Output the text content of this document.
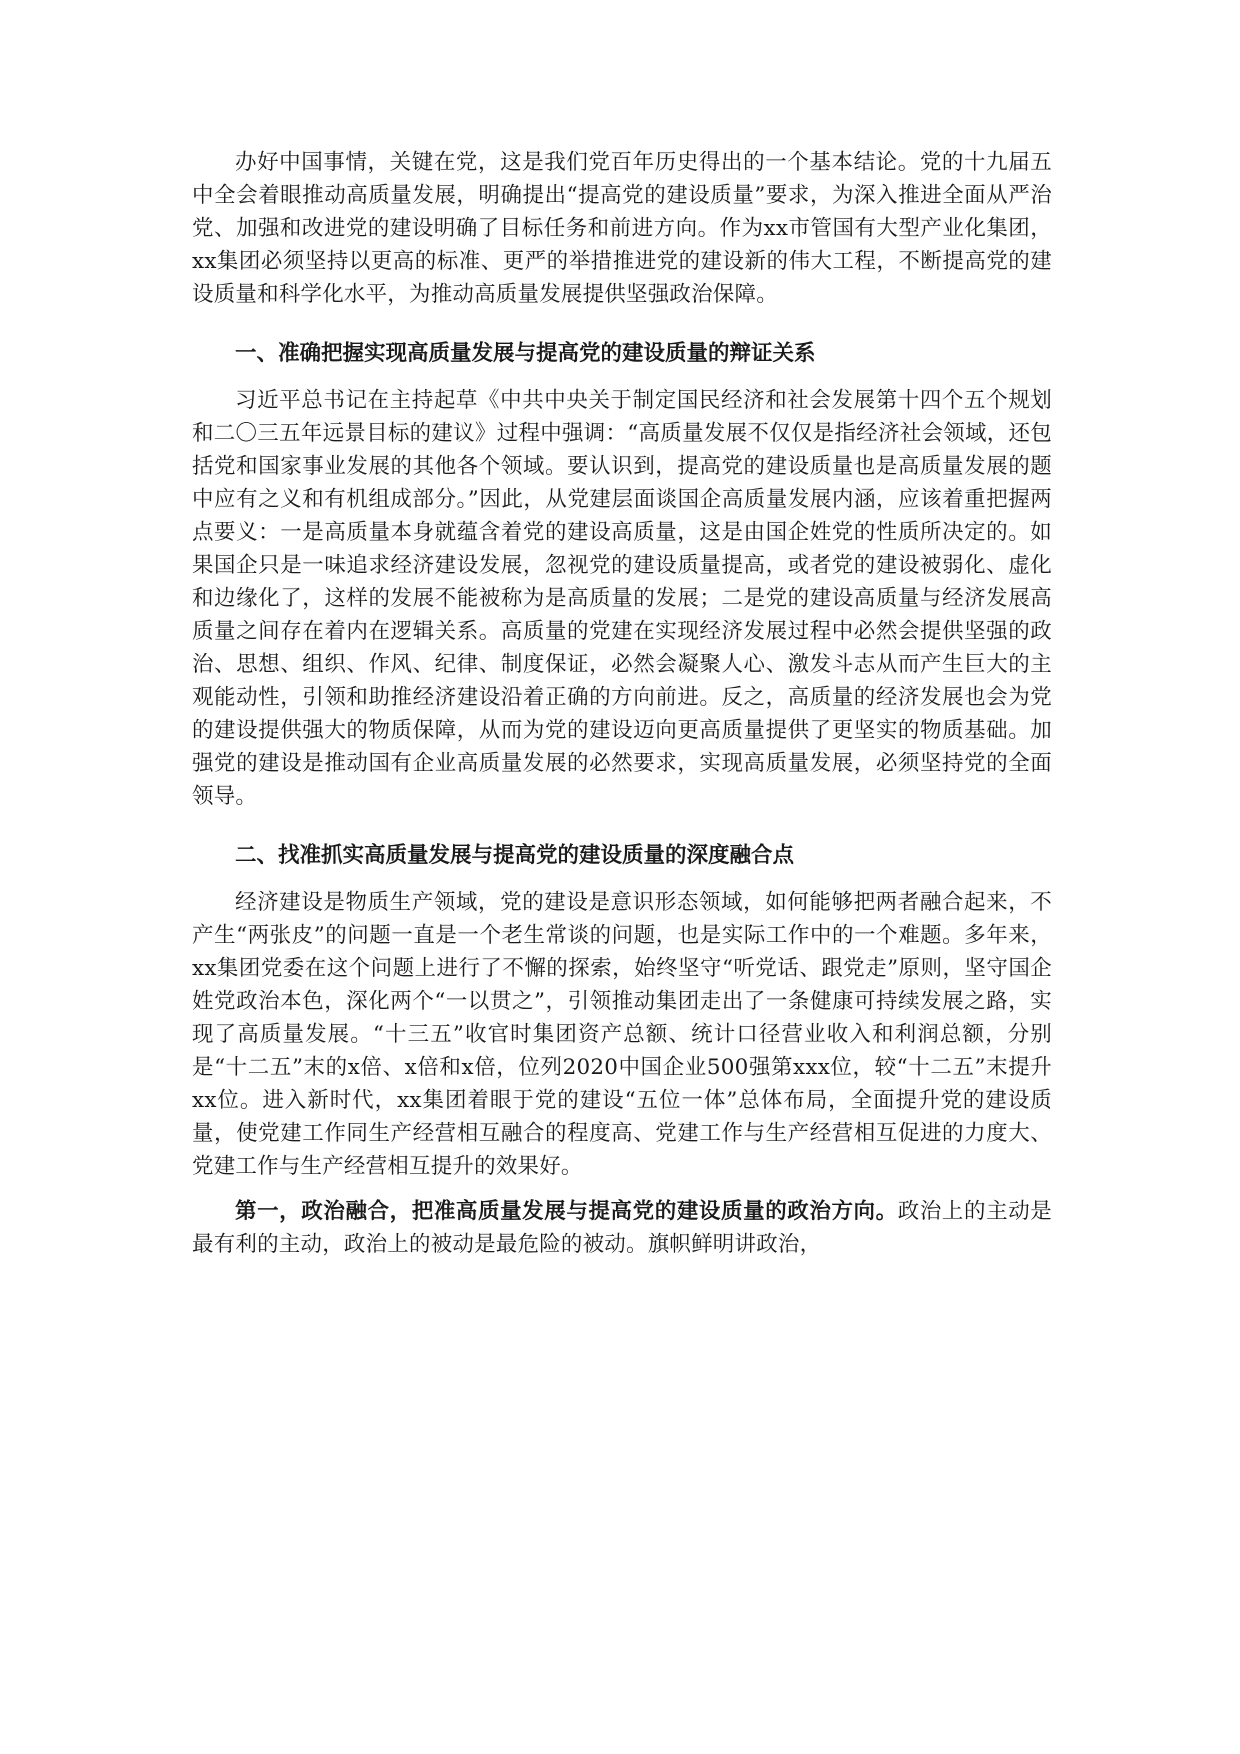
办好中国事情，关键在党，这是我们党百年历史得出的一个基本结论。党的十九届五中全会着眼推动高质量发展，明确提出“提高党的建设质量”要求，为深入推进全面从严治党、加强和改进党的建设明确了目标任务和前进方向。作为xx市管国有大型产业化集团，xx集团必须坚持以更高的标准、更严的举措推进党的建设新的伟大工程，不断提高党的建设质量和科学化水平，为推动高质量发展提供坚强政治保障。

一、准确把握实现高质量发展与提高党的建设质量的辩证关系

习近平总书记在主持起草《中共中央关于制定国民经济和社会发展第十四个五个规划和二〇三五年远景目标的建议》过程中强调：“高质量发展不仅仅是指经济社会领域，还包括党和国家事业发展的其他各个领域。要认识到，提高党的建设质量也是高质量发展的题中应有之义和有机组成部分。”因此，从党建层面谈国企高质量发展内涵，应该着重把握两点要义：一是高质量本身就蕴含着党的建设高质量，这是由国企姓党的性质所决定的。如果国企只是一味追求经济建设发展，忽视党的建设质量提高，或者党的建设被弱化、虚化和边缘化了，这样的发展不能被称为是高质量的发展；二是党的建设高质量与经济发展高质量之间存在着内在逻辑关系。高质量的党建在实现经济发展过程中必然会提供坚强的政治、思想、组织、作风、纪律、制度保证，必然会凝聚人心、激发斗志从而产生巨大的主观能动性，引领和助推经济建设沿着正确的方向前进。反之，高质量的经济发展也会为党的建设提供强大的物质保障，从而为党的建设迈向更高质量提供了更坚实的物质基础。加强党的建设是推动国有企业高质量发展的必然要求，实现高质量发展，必须坚持党的全面领导。

二、找准抓实高质量发展与提高党的建设质量的深度融合点

经济建设是物质生产领域，党的建设是意识形态领域，如何能够把两者融合起来，不产生“两张皮”的问题一直是一个老生常谈的问题，也是实际工作中的一个难题。多年来，xx集团党委在这个问题上进行了不懈的探索，始终坚守“听党话、跟党走”原则，坚守国企姓党政治本色，深化两个“一以贯之”，引领推动集团走出了一条健康可持续发展之路，实现了高质量发展。“十三五”收官时集团资产总额、统计口径营业收入和利润总额，分别是“十二五”末的x倍、x倍和x倍，位列2020中国企业500强第xxx位，较“十二五”末提升xx位。进入新时代，xx集团着眼于党的建设“五位一体”总体布局，全面提升党的建设质量，使党建工作同生产经营相互融合的程度高、党建工作与生产经营相互促进的力度大、党建工作与生产经营相互提升的效果好。

第一，政治融合，把准高质量发展与提高党的建设质量的政治方向。政治上的主动是最有利的主动，政治上的被动是最危险的被动。旗帜鲜明讲政治，
